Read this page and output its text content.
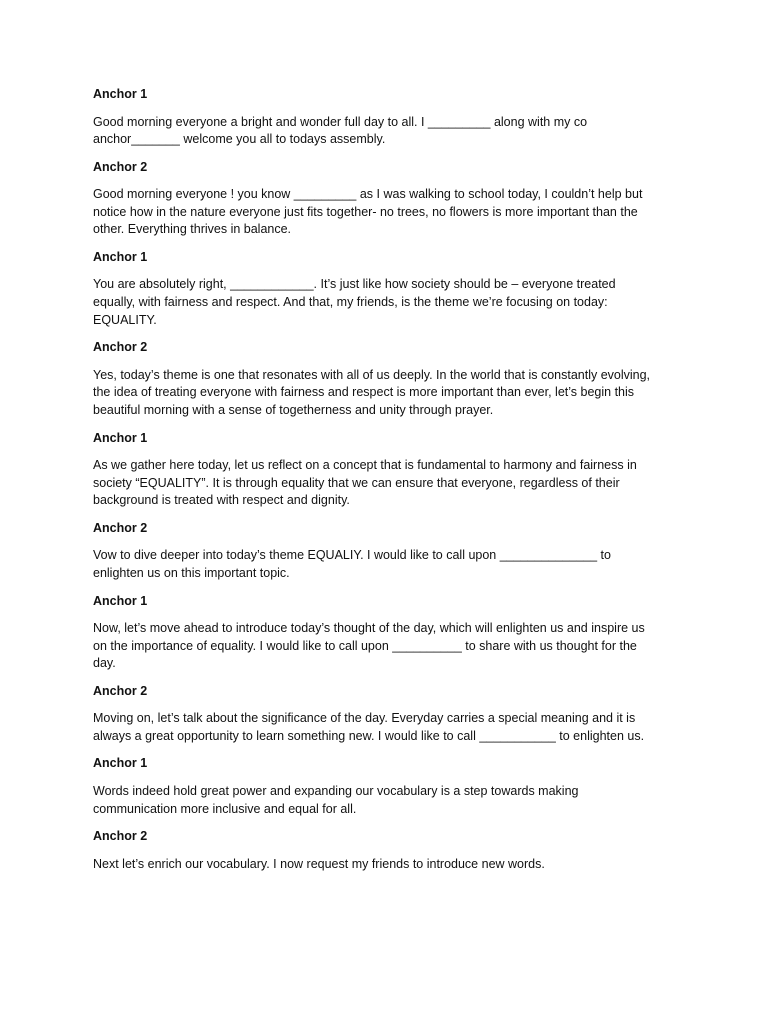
Anchor 1

Good morning everyone a bright and wonder full day to all. I _________ along with my co
anchor_______ welcome you all to todays assembly.

Anchor 2

Good morning everyone ! you know _________ as I was walking to school today, I couldn’t help but
notice how in the nature everyone just fits together- no trees, no flowers is more important than the
other. Everything thrives in balance.

Anchor 1

You are absolutely right, ____________. It’s just like how society should be – everyone treated
equally, with fairness and respect. And that, my friends, is the theme we’re focusing on today:
EQUALITY.

Anchor 2

Yes, today’s theme is one that resonates with all of us deeply. In the world that is constantly evolving,
the idea of treating everyone with fairness and respect is more important than ever, let’s begin this
beautiful morning with a sense of togetherness and unity through prayer.

Anchor 1

As we gather here today, let us reflect on a concept that is fundamental to harmony and fairness in
society “EQUALITY”. It is through equality that we can ensure that everyone, regardless of their
background is treated with respect and dignity.

Anchor 2

Vow to dive deeper into today’s theme EQUALIY. I would like to call upon ______________ to
enlighten us on this important topic.

Anchor 1

Now, let’s move ahead to introduce today’s thought of the day, which will enlighten us and inspire us
on the importance of equality. I would like to call upon __________ to share with us thought for the
day.

Anchor 2

Moving on, let’s talk about the significance of the day. Everyday carries a special meaning and it is
always a great opportunity to learn something new. I would like to call ___________ to enlighten us.

Anchor 1

Words indeed hold great power and expanding our vocabulary is a step towards making
communication more inclusive and equal for all.

Anchor 2

Next let’s enrich our vocabulary. I now request my friends to introduce new words.
